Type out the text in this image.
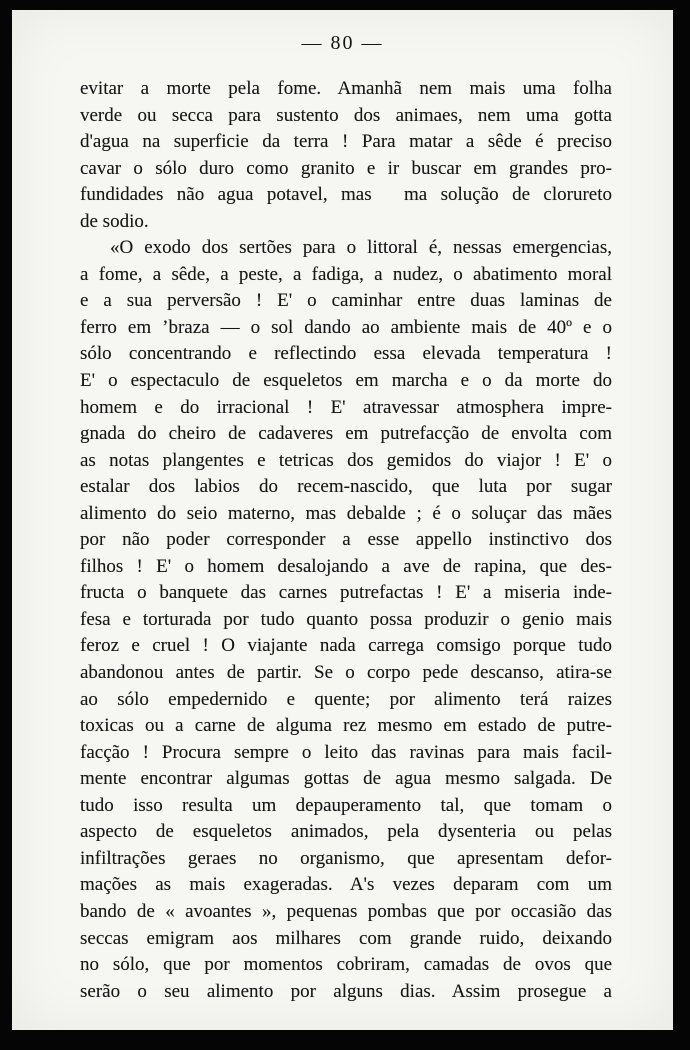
— 80 —
evitar a morte pela fome. Amanhã nem mais uma folha
verde ou secca para sustento dos animaes, nem uma gotta
d'agua na superficie da terra ! Para matar a sêde é preciso
cavar o sólo duro como granito e ir buscar em grandes pro-
fundidades não agua potavel, mas  ma solução de clorureto
de sodio.
«O exodo dos sertões para o littoral é, nessas emergencias,
a fome, a sêde, a peste, a fadiga, a nudez, o abatimento moral
e a sua perversão ! E' o caminhar entre duas laminas de
ferro em ’braza — o sol dando ao ambiente mais de 40º e o
sólo concentrando e reflectindo essa elevada temperatura !
E' o espectaculo de esqueletos em marcha e o da morte do
homem e do irracional ! E' atravessar atmosphera impre-
gnada do cheiro de cadaveres em putrefacção de envolta com
as notas plangentes e tetricas dos gemidos do viajor ! E' o
estalar dos labios do recem-nascido, que luta por sugar
alimento do seio materno, mas debalde ; é o soluçar das mães
por não poder corresponder a esse appello instinctivo dos
filhos ! E' o homem desalojando a ave de rapina, que des-
fructa o banquete das carnes putrefactas ! E' a miseria inde-
fesa e torturada por tudo quanto possa produzir o genio mais
feroz e cruel ! O viajante nada carrega comsigo porque tudo
abandonou antes de partir. Se o corpo pede descanso, atira-se
ao sólo empedernido e quente; por alimento terá raizes
toxicas ou a carne de alguma rez mesmo em estado de putre-
facção ! Procura sempre o leito das ravinas para mais facil-
mente encontrar algumas gottas de agua mesmo salgada. De
tudo isso resulta um depauperamento tal, que tomam o
aspecto de esqueletos animados, pela dysenteria ou pelas
infiltrações geraes no organismo, que apresentam defor-
mações as mais exageradas. A's vezes deparam com um
bando de « avoantes », pequenas pombas que por occasião das
seccas emigram aos milhares com grande ruido, deixando
no sólo, que por momentos cobriram, camadas de ovos que
serão o seu alimento por alguns dias. Assim prosegue a
